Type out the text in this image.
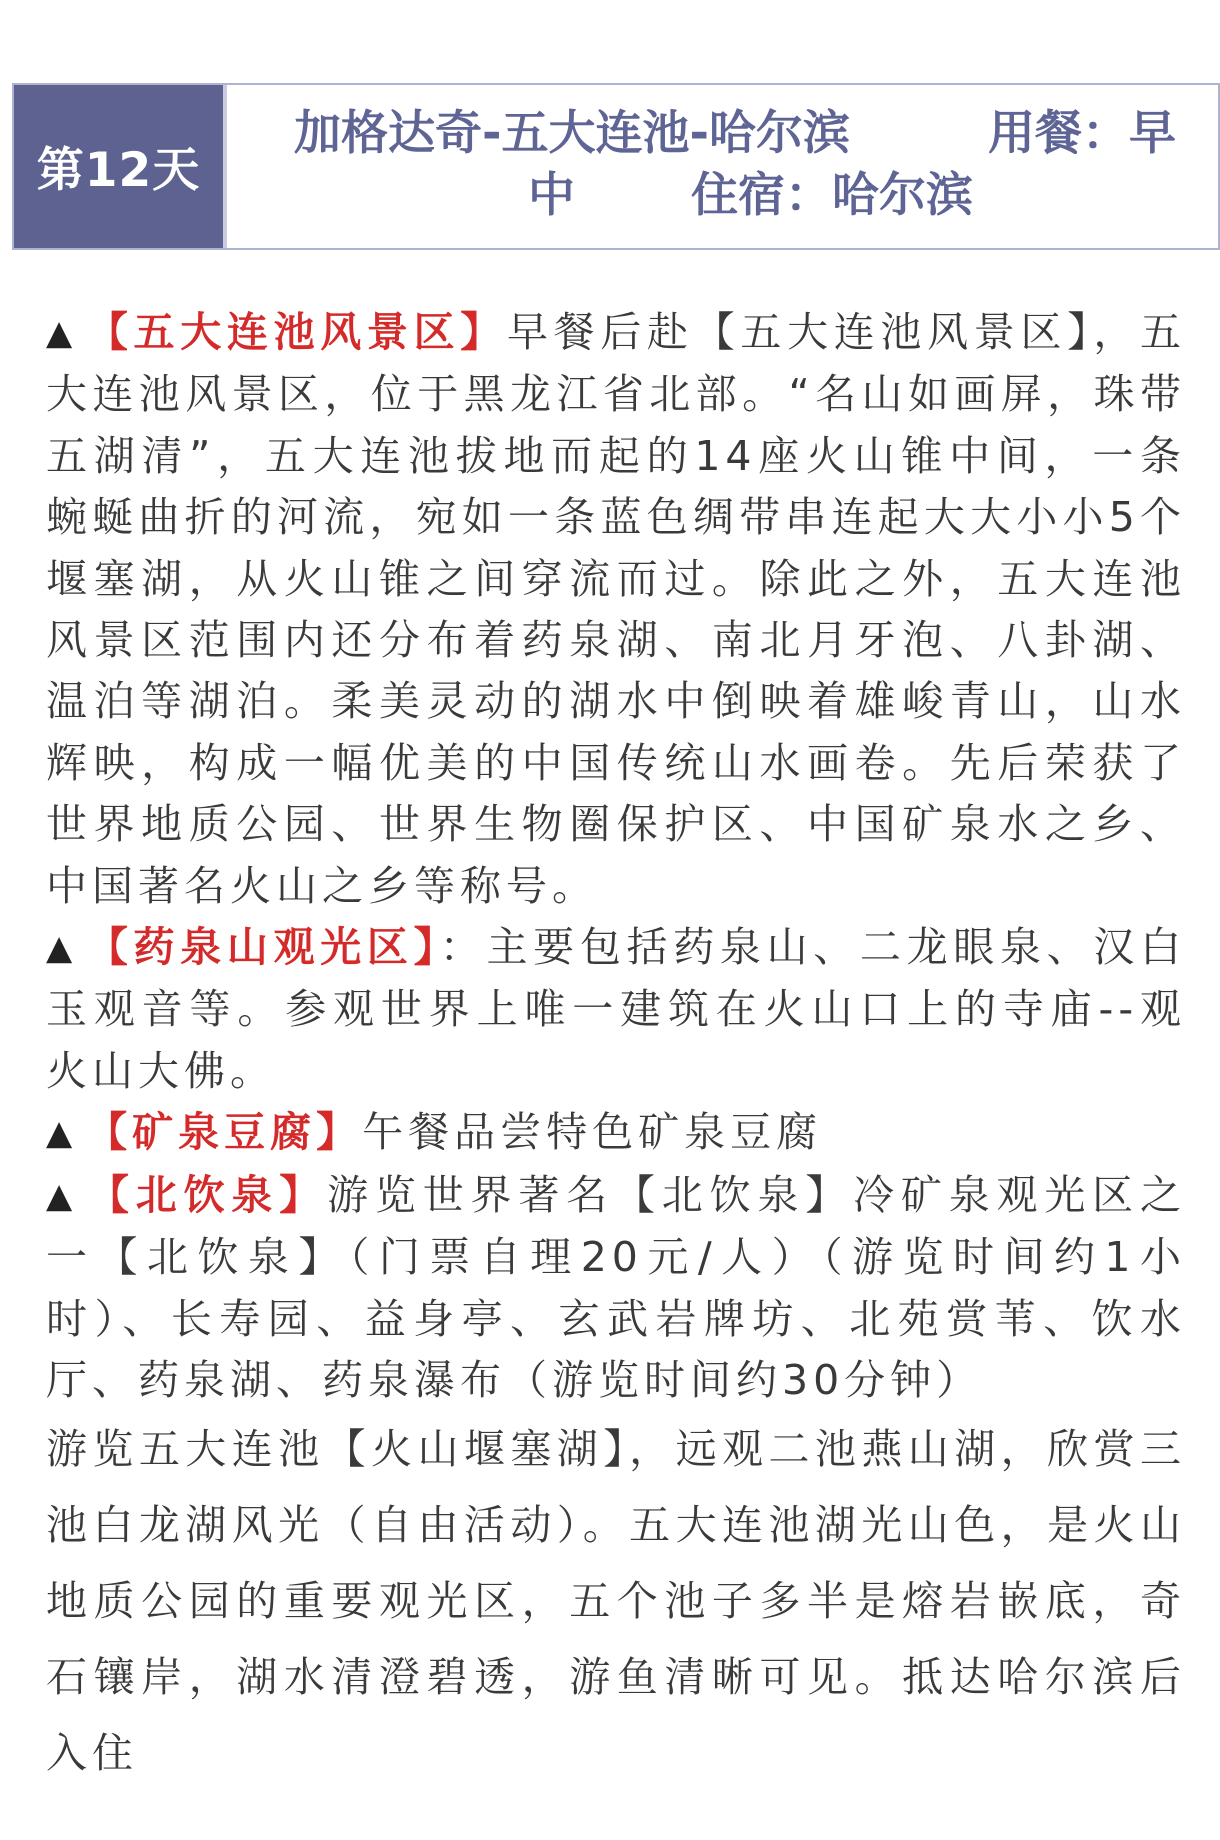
第12天
加格达奇-五大连池-哈尔滨	用餐：早
中 住宿：哈尔滨

▲ 【五大连池风景区】早餐后赴【五大连池风景区】，五大连池风景区，位于黑龙江省北部。“名山如画屏，珠带五湖清”，五大连池拔地而起的14座火山锥中间，一条蜿蜒曲折的河流，宛如一条蓝色绸带串连起大大小小5个堰塞湖，从火山锥之间穿流而过。除此之外，五大连池风景区范围内还分布着药泉湖、南北月牙泡、八卦湖、温泊等湖泊。柔美灵动的湖水中倒映着雄峻青山，山水辉映，构成一幅优美的中国传统山水画卷。先后荣获了世界地质公园、世界生物圈保护区、中国矿泉水之乡、中国著名火山之乡等称号。

▲ 【药泉山观光区】：主要包括药泉山、二龙眼泉、汉白玉观音等。参观世界上唯一建筑在火山口上的寺庙--观火山大佛。

▲ 【矿泉豆腐】午餐品尝特色矿泉豆腐

▲ 【北饮泉】游览世界著名【北饮泉】冷矿泉观光区之一【北饮泉】（门票自理20元/人）（游览时间约1小时）、长寿园、益身亭、玄武岩牌坊、北苑赏苇、饮水厅、药泉湖、药泉瀑布（游览时间约30分钟）

游览五大连池【火山堰塞湖】，远观二池燕山湖，欣赏三池白龙湖风光（自由活动）。五大连池湖光山色，是火山地质公园的重要观光区，五个池子多半是熔岩嵌底，奇石镶岸，湖水清澄碧透，游鱼清晰可见。抵达哈尔滨后入住
